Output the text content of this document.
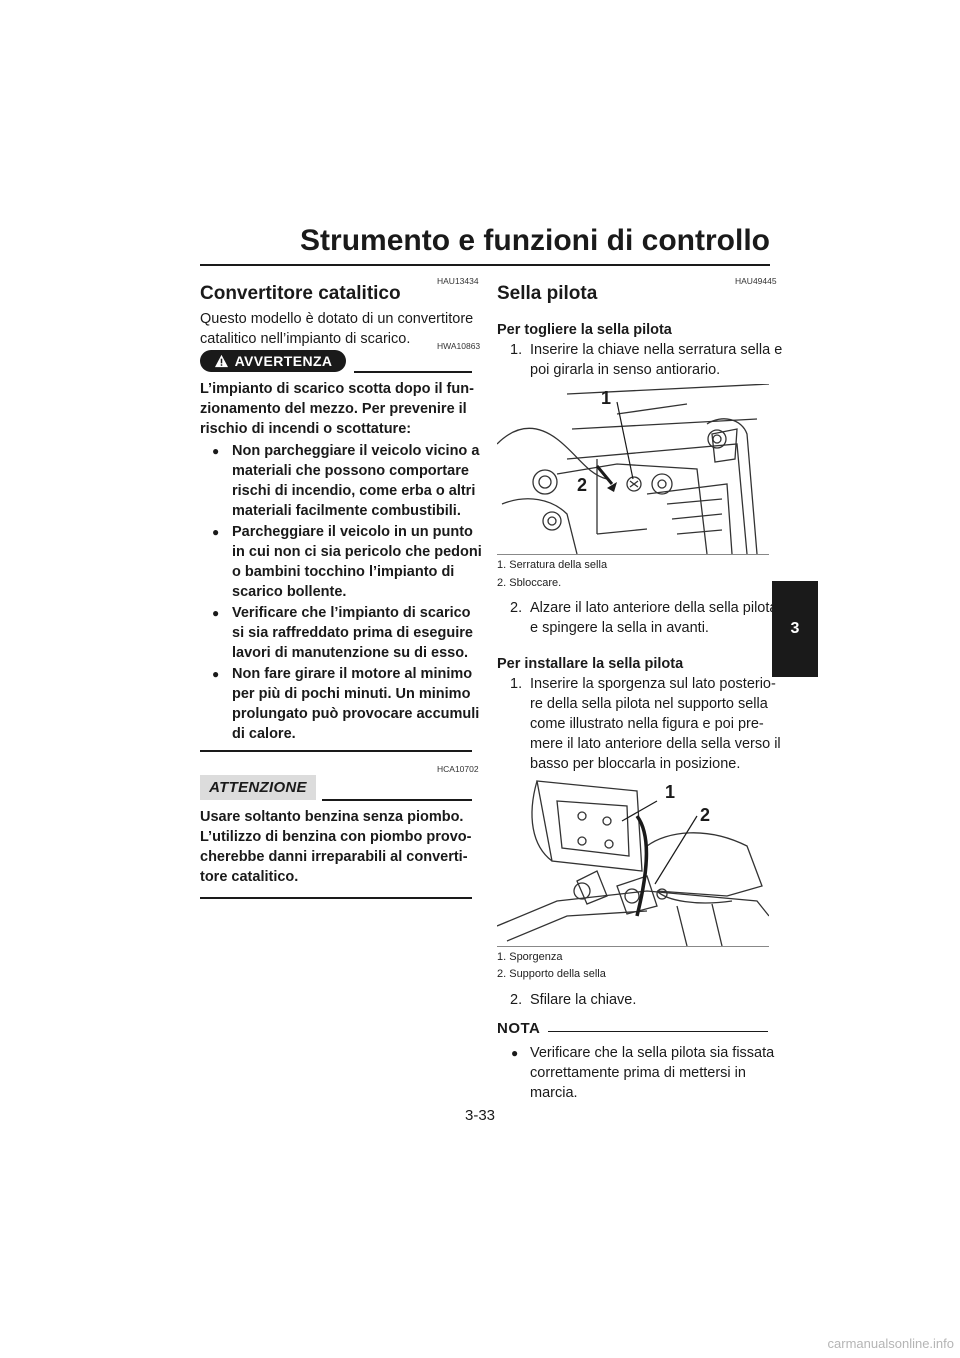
Strumento e funzioni di controllo
3
HAU13434
Convertitore catalitico
Questo modello è dotato di un convertitore
catalitico nell’impianto di scarico.	HWA10863
AVVERTENZA
L’impianto di scarico scotta dopo il fun-
zionamento del mezzo. Per prevenire il
rischio di incendi o scottature:
● Non parcheggiare il veicolo vicino a
materiali che possono comportare
rischi di incendio, come erba o altri
materiali facilmente combustibili.
● Parcheggiare il veicolo in un punto
in cui non ci sia pericolo che pedoni
o bambini tocchino l’impianto di
scarico bollente.
● Verificare che l’impianto di scarico
si sia raffreddato prima di eseguire
lavori di manutenzione su di esso.
● Non fare girare il motore al minimo
per più di pochi minuti. Un minimo
prolungato può provocare accumuli
di calore.
HCA10702
ATTENZIONE
Usare soltanto benzina senza piombo.
L’utilizzo di benzina con piombo provo-
cherebbe danni irreparabili al converti-
tore catalitico.
HAU49445
Sella pilota
Per togliere la sella pilota
1. Inserire la chiave nella serratura sella e
poi girarla in senso antiorario.
1
2
1. Serratura della sella
2. Sbloccare.
2. Alzare il lato anteriore della sella pilota
e spingere la sella in avanti.
Per installare la sella pilota
1. Inserire la sporgenza sul lato posterio-
re della sella pilota nel supporto sella
come illustrato nella figura e poi pre-
mere il lato anteriore della sella verso il
basso per bloccarla in posizione.
1
2
1. Sporgenza
2. Supporto della sella
2. Sfilare la chiave.
NOTA
● Verificare che la sella pilota sia fissata
correttamente prima di mettersi in
marcia.
3-33
carmanualsonline.info
